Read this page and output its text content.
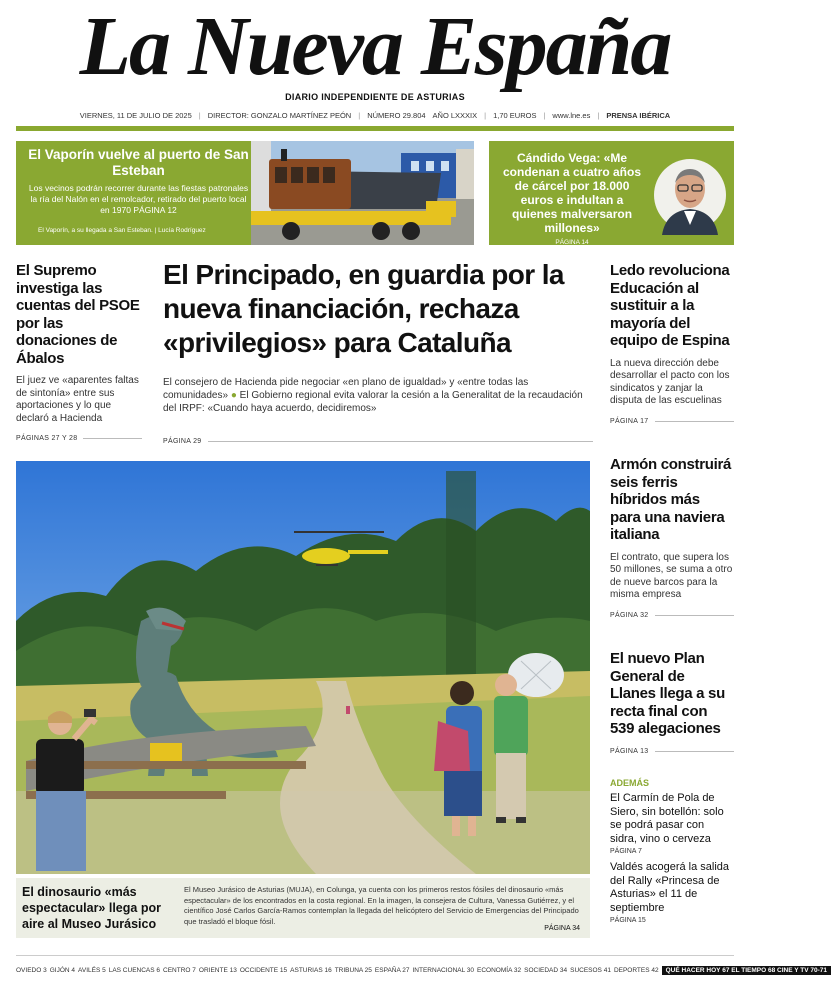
La Nueva España
DIARIO INDEPENDIENTE DE ASTURIAS
VIERNES, 11 DE JULIO DE 2025 | DIRECTOR: GONZALO MARTÍNEZ PEÓN | NÚMERO 29.804 AÑO LXXXIX | 1,70 EUROS | www.lne.es | PRENSA IBÉRICA
El Vaporín vuelve al puerto de San Esteban

Los vecinos podrán recorrer durante las fiestas patronales la ría del Nalón en el remolcador, retirado del puerto local en 1970 PÁGINA 12

El Vaporín, a su llegada a San Esteban. | Lucía Rodríguez
Cándido Vega: «Me condenan a cuatro años de cárcel por 18.000 euros e indultan a quienes malversaron millones»
PÁGINA 14
El Supremo investiga las cuentas del PSOE por las donaciones de Ábalos
El juez ve «aparentes faltas de sintonía» entre sus aportaciones y lo que declaró a Hacienda
PÁGINAS 27 Y 28
El Principado, en guardia por la nueva financiación, rechaza «privilegios» para Cataluña
El consejero de Hacienda pide negociar «en plano de igualdad» y «entre todas las comunidades» ● El Gobierno regional evita valorar la cesión a la Generalitat de la recaudación del IRPF: «Cuando haya acuerdo, decidiremos»
PÁGINA 29
Ledo revoluciona Educación al sustituir a la mayoría del equipo de Espina
La nueva dirección debe desarrollar el pacto con los sindicatos y zanjar la disputa de las escuelinas
PÁGINA 17
Armón construirá seis ferris híbridos más para una naviera italiana
El contrato, que supera los 50 millones, se suma a otro de nueve barcos para la misma empresa
PÁGINA 32
El nuevo Plan General de Llanes llega a su recta final con 539 alegaciones
PÁGINA 13
ADEMÁS
El Carmín de Pola de Siero, sin botellón: solo se podrá pasar con sidra, vino o cerveza
PÁGINA 7
Valdés acogerá la salida del Rally «Princesa de Asturias» el 11 de septiembre
PÁGINA 15
El dinosaurio «más espectacular» llega por aire al Museo Jurásico
El Museo Jurásico de Asturias (MUJA), en Colunga, ya cuenta con los primeros restos fósiles del dinosaurio «más espectacular» de los encontrados en la costa regional. En la imagen, la consejera de Cultura, Vanessa Gutiérrez, y el científico José Carlos García-Ramos contemplan la llegada del helicóptero del Servicio de Emergencias del Principado que trasladó el bloque fósil.
PÁGINA 34
OVIEDO 3 GIJÓN 4 AVILÉS 5 LAS CUENCAS 6 CENTRO 7 ORIENTE 13 OCCIDENTE 15 ASTURIAS 16 TRIBUNA 25 ESPAÑA 27 INTERNACIONAL 30 ECONOMÍA 32 SOCIEDAD 34 SUCESOS 41 DEPORTES 42	QUÉ HACER HOY 67 EL TIEMPO 68 CINE Y TV 70-71
